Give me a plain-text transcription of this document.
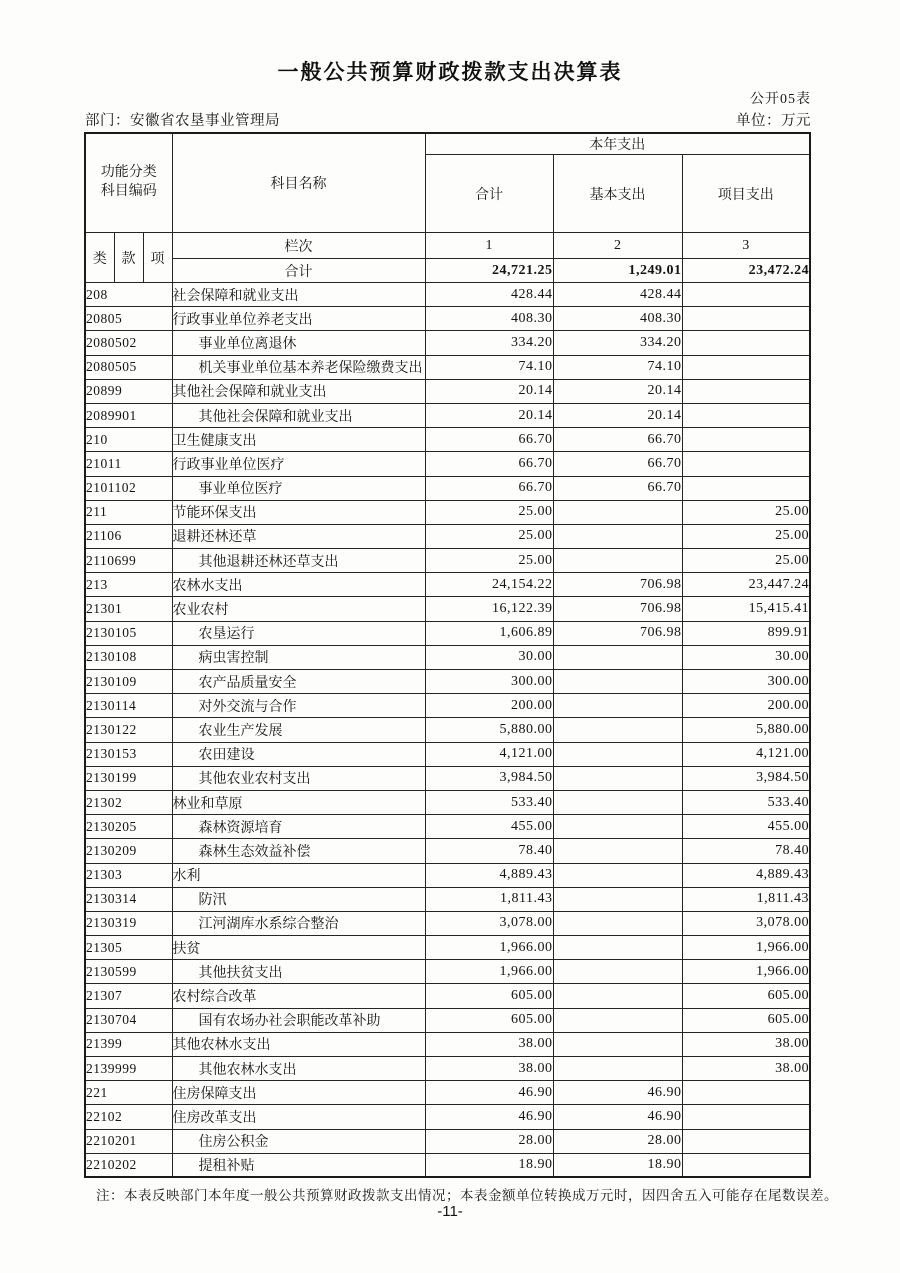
一般公共预算财政拨款支出决算表
公开05表
部门：安徽省农垦事业管理局	单位：万元
功能分类
科目编码			科目名称	本年支出		
				合计	基本支出	项目支出
类	款	项	栏次	1	2	3
			合计	24,721.25	1,249.01	23,472.24
208			社会保障和就业支出	428.44	428.44	
20805			行政事业单位养老支出	408.30	408.30	
2080502			事业单位离退休	334.20	334.20	
2080505			机关事业单位基本养老保险缴费支出	74.10	74.10	
20899			其他社会保障和就业支出	20.14	20.14	
2089901			其他社会保障和就业支出	20.14	20.14	
210			卫生健康支出	66.70	66.70	
21011			行政事业单位医疗	66.70	66.70	
2101102			事业单位医疗	66.70	66.70	
211			节能环保支出	25.00		25.00
21106			退耕还林还草	25.00		25.00
2110699			其他退耕还林还草支出	25.00		25.00
213			农林水支出	24,154.22	706.98	23,447.24
21301			农业农村	16,122.39	706.98	15,415.41
2130105			农垦运行	1,606.89	706.98	899.91
2130108			病虫害控制	30.00		30.00
2130109			农产品质量安全	300.00		300.00
2130114			对外交流与合作	200.00		200.00
2130122			农业生产发展	5,880.00		5,880.00
2130153			农田建设	4,121.00		4,121.00
2130199			其他农业农村支出	3,984.50		3,984.50
21302			林业和草原	533.40		533.40
2130205			森林资源培育	455.00		455.00
2130209			森林生态效益补偿	78.40		78.40
21303			水利	4,889.43		4,889.43
2130314			防汛	1,811.43		1,811.43
2130319			江河湖库水系综合整治	3,078.00		3,078.00
21305			扶贫	1,966.00		1,966.00
2130599			其他扶贫支出	1,966.00		1,966.00
21307			农村综合改革	605.00		605.00
2130704			国有农场办社会职能改革补助	605.00		605.00
21399			其他农林水支出	38.00		38.00
2139999			其他农林水支出	38.00		38.00
221			住房保障支出	46.90	46.90	
22102			住房改革支出	46.90	46.90	
2210201			住房公积金	28.00	28.00	
2210202			提租补贴	18.90	18.90	
注：本表反映部门本年度一般公共预算财政拨款支出情况；本表金额单位转换成万元时，因四舍五入可能存在尾数误差。
-11-
